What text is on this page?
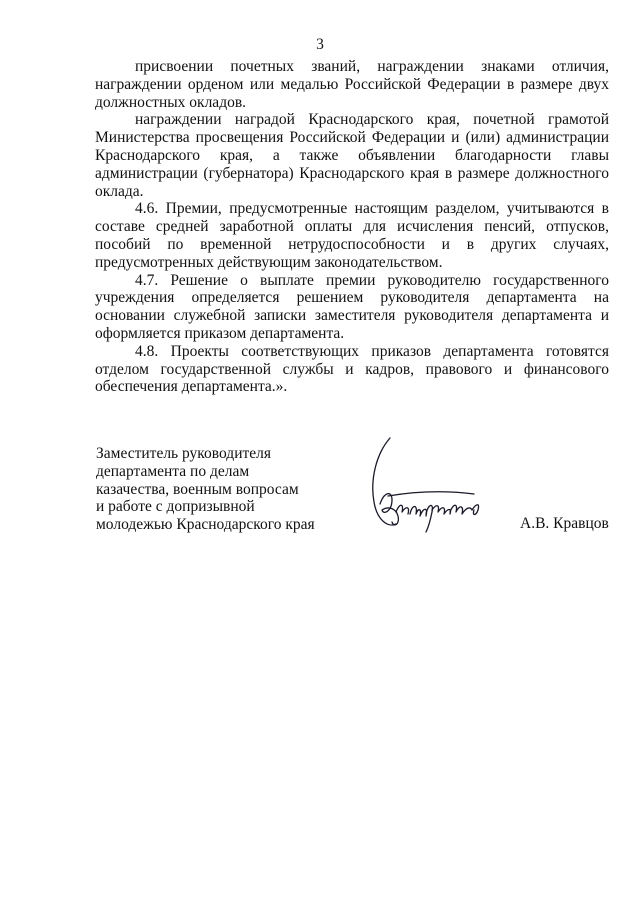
3

присвоении почетных званий, награждении знаками отличия, награждении орденом или медалью Российской Федерации в размере двух должностных окладов.

награждении наградой Краснодарского края, почетной грамотой Министерства просвещения Российской Федерации и (или) администрации Краснодарского края, а также объявлении благодарности главы администрации (губернатора) Краснодарского края в размере должностного оклада.

4.6. Премии, предусмотренные настоящим разделом, учитываются в составе средней заработной оплаты для исчисления пенсий, отпусков, пособий по временной нетрудоспособности и в других случаях, предусмотренных действующим законодательством.

4.7. Решение о выплате премии руководителю государственного учреждения определяется решением руководителя департамента на основании служебной записки заместителя руководителя департамента и оформляется приказом департамента.

4.8. Проекты соответствующих приказов департамента готовятся отделом государственной службы и кадров, правового и финансового обеспечения департамента.».

Заместитель руководителя
департамента по делам
казачества, военным вопросам
и работе с допризывной
молодежью Краснодарского края	А.В. Кравцов
